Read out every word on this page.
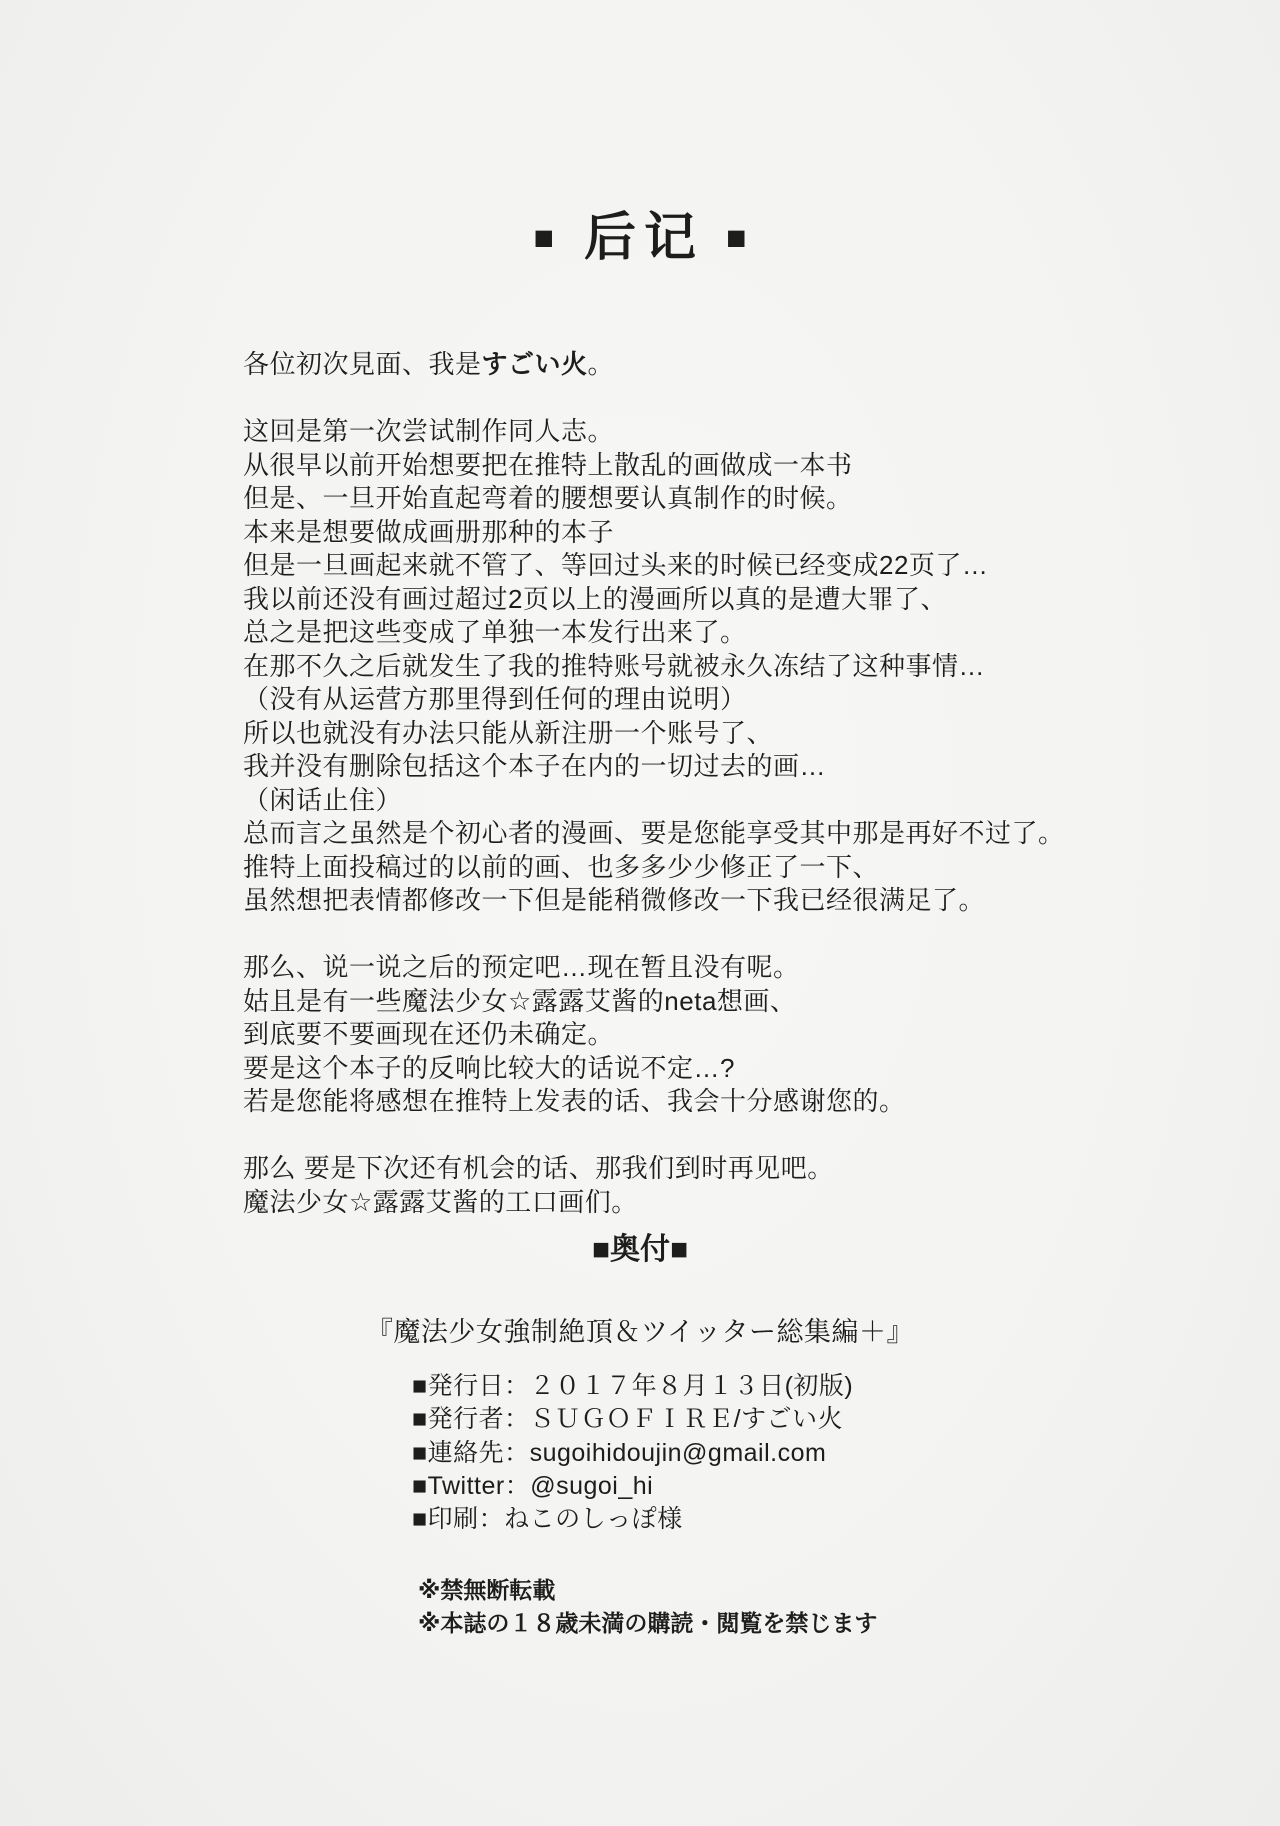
■ 后记 ■

各位初次見面、我是すごい火。

这回是第一次尝试制作同人志。

从很早以前开始想要把在推特上散乱的画做成一本书

但是、一旦开始直起弯着的腰想要认真制作的时候。

本来是想要做成画册那种的本子

但是一旦画起来就不管了、等回过头来的时候已经变成22页了…

我以前还没有画过超过2页以上的漫画所以真的是遭大罪了、

总之是把这些变成了单独一本发行出来了。

在那不久之后就发生了我的推特账号就被永久冻结了这种事情…

（没有从运营方那里得到任何的理由说明）

所以也就没有办法只能从新注册一个账号了、

我并没有删除包括这个本子在内的一切过去的画…

（闲话止住）

总而言之虽然是个初心者的漫画、要是您能享受其中那是再好不过了。

推特上面投稿过的以前的画、也多多少少修正了一下、

虽然想把表情都修改一下但是能稍微修改一下我已经很满足了。

那么、说一说之后的预定吧…现在暂且没有呢。

姑且是有一些魔法少女☆露露艾酱的neta想画、

到底要不要画现在还仍未确定。

要是这个本子的反响比较大的话说不定…?

若是您能将感想在推特上发表的话、我会十分感谢您的。

那么 要是下次还有机会的话、那我们到时再见吧。

魔法少女☆露露艾酱的工口画们。

■奥付■
『魔法少女強制絶頂＆ツイッター総集編＋』

■発行日：２０１７年８月１３日(初版)

■発行者：ＳＵＧＯＦＩＲＥ/すごい火

■連絡先：sugoihidoujin@gmail.com

■Twitter：@sugoi_hi

■印刷：ねこのしっぽ様

※禁無断転載

※本誌の１８歳未満の購読・閲覧を禁じます
